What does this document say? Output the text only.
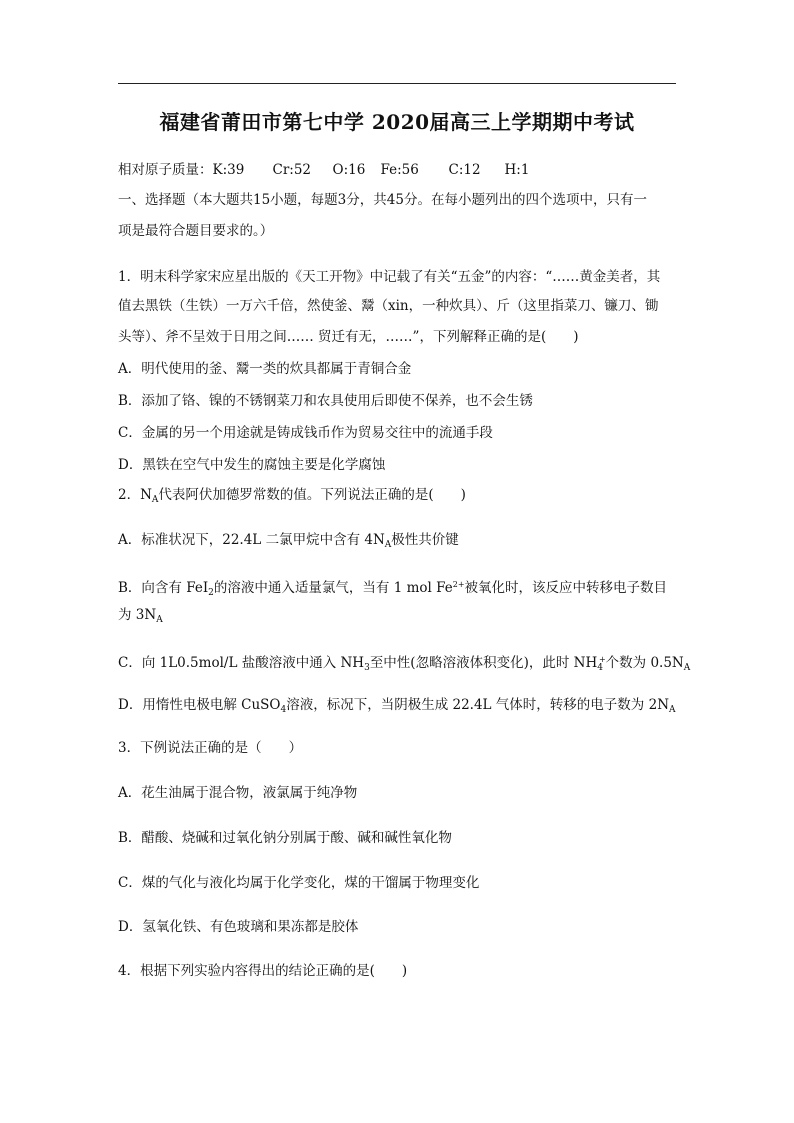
福建省莆田市第七中学 2020届高三上学期期中考试
相对原子质量：K:39 Cr:52 O:16 Fe:56 C:12 H:1
一、选择题（本大题共15小题，每题3分，共45分。在每小题列出的四个选项中，只有一
项是最符合题目要求的。）
1．明末科学家宋应星出版的《天工开物》中记载了有关“五金”的内容：“……黄金美者，其
值去黑铁（生铁）一万六千倍，然使釜、鬵（xin，一种炊具）、斤（这里指菜刀、镰刀、锄
头等）、斧不呈效于日用之间…… 贸迁有无，……”，下列解释正确的是(　　)
A．明代使用的釜、鬵一类的炊具都属于青铜合金
B．添加了铬、镍的不锈钢菜刀和农具使用后即使不保养，也不会生锈
C．金属的另一个用途就是铸成钱币作为贸易交往中的流通手段
D．黑铁在空气中发生的腐蚀主要是化学腐蚀
2．$N_A$代表阿伏加德罗常数的值。下列说法正确的是(　　)
A．标准状况下，22.4L 二氯甲烷中含有 $4N_A$极性共价键
B．向含有 FeI$_2$的溶液中通入适量氯气，当有 1 mol $Fe^{2+}$被氧化时，该反应中转移电子数目
为 $3N_A$
C．向 1L0.5mol/L 盐酸溶液中通入 $NH_3$至中性(忽略溶液体积变化)，此时 $NH_4^+$个数为 $0.5N_A$
D．用惰性电极电解 CuSO$_4$溶液，标况下，当阴极生成 22.4L 气体时，转移的电子数为 $2N_A$
3．下例说法正确的是（　　）
A．花生油属于混合物，液氯属于纯净物
B．醋酸、烧碱和过氧化钠分别属于酸、碱和碱性氧化物
C．煤的气化与液化均属于化学变化，煤的干馏属于物理变化
D．氢氧化铁、有色玻璃和果冻都是胶体
4．根据下列实验内容得出的结论正确的是(　　)
